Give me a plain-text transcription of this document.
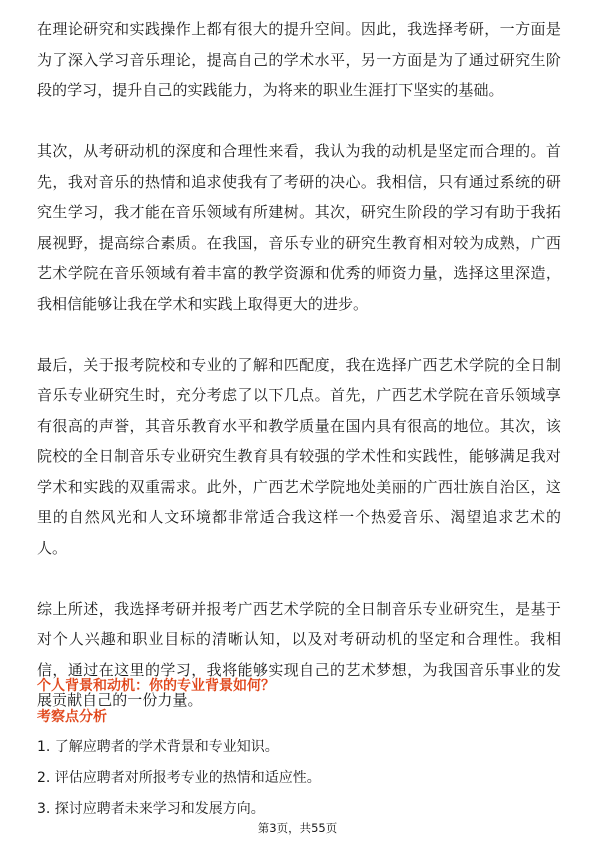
在理论研究和实践操作上都有很大的提升空间。因此，我选择考研，一方面是为了深入学习音乐理论，提高自己的学术水平，另一方面是为了通过研究生阶段的学习，提升自己的实践能力，为将来的职业生涯打下坚实的基础。

其次，从考研动机的深度和合理性来看，我认为我的动机是坚定而合理的。首先，我对音乐的热情和追求使我有了考研的决心。我相信，只有通过系统的研究生学习，我才能在音乐领域有所建树。其次，研究生阶段的学习有助于我拓展视野，提高综合素质。在我国，音乐专业的研究生教育相对较为成熟，广西艺术学院在音乐领域有着丰富的教学资源和优秀的师资力量，选择这里深造，我相信能够让我在学术和实践上取得更大的进步。

最后，关于报考院校和专业的了解和匹配度，我在选择广西艺术学院的全日制音乐专业研究生时，充分考虑了以下几点。首先，广西艺术学院在音乐领域享有很高的声誉，其音乐教育水平和教学质量在国内具有很高的地位。其次，该院校的全日制音乐专业研究生教育具有较强的学术性和实践性，能够满足我对学术和实践的双重需求。此外，广西艺术学院地处美丽的广西壮族自治区，这里的自然风光和人文环境都非常适合我这样一个热爱音乐、渴望追求艺术的人。

综上所述，我选择考研并报考广西艺术学院的全日制音乐专业研究生，是基于对个人兴趣和职业目标的清晰认知，以及对考研动机的坚定和合理性。我相信，通过在这里的学习，我将能够实现自己的艺术梦想，为我国音乐事业的发展贡献自己的一份力量。

个人背景和动机：你的专业背景如何？
考察点分析
1. 了解应聘者的学术背景和专业知识。
2. 评估应聘者对所报考专业的热情和适应性。
3. 探讨应聘者未来学习和发展方向。
第3页，共55页
